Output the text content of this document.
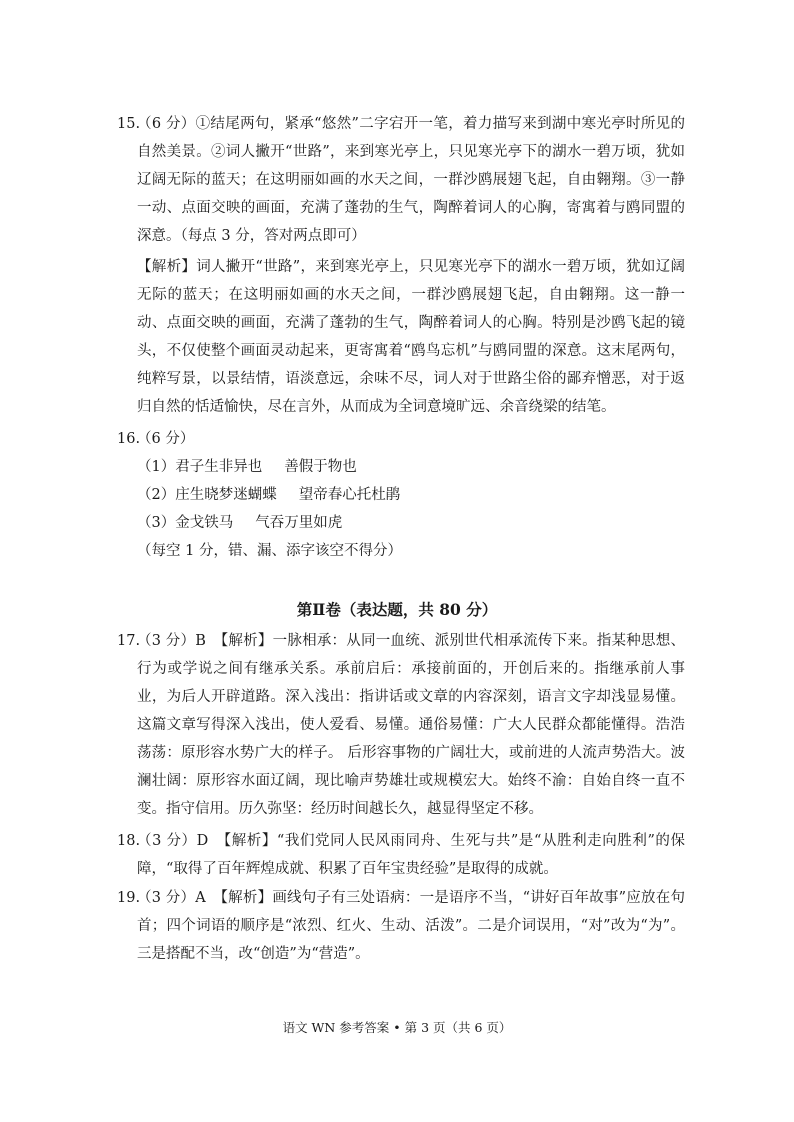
15.
（6 分）①结尾两句，紧承“悠然”二字宕开一笔，着力描写来到湖中寒光亭时所见的自然美景。②词人撇开“世路”，来到寒光亭上，只见寒光亭下的湖水一碧万顷，犹如辽阔无际的蓝天；在这明丽如画的水天之间，一群沙鸥展翅飞起，自由翱翔。③一静一动、点面交映的画面，充满了蓬勃的生气，陶醉着词人的心胸，寄寓着与鸥同盟的深意。（每点 3 分，答对两点即可）
【解析】词人撇开“世路”，来到寒光亭上，只见寒光亭下的湖水一碧万顷，犹如辽阔无际的蓝天；在这明丽如画的水天之间，一群沙鸥展翅飞起，自由翱翔。这一静一动、点面交映的画面，充满了蓬勃的生气，陶醉着词人的心胸。特别是沙鸥飞起的镜头，不仅使整个画面灵动起来，更寄寓着“鸥鸟忘机”与鸥同盟的深意。这末尾两句，纯粹写景，以景结情，语淡意远，余味不尽，词人对于世路尘俗的鄙弃憎恶，对于返归自然的恬适愉快，尽在言外，从而成为全词意境旷远、余音绕梁的结笔。
16.
（6 分）
（1）君子生非异也 善假于物也
（2）庄生晓梦迷蝴蝶 望帝春心托杜鹃
（3）金戈铁马 气吞万里如虎
（每空 1 分，错、漏、添字该空不得分）
第Ⅱ卷（表达题，共 80 分）
17.
（3 分）B　【解析】一脉相承：从同一血统、派别世代相承流传下来。指某种思想、行为或学说之间有继承关系。承前启后：承接前面的，开创后来的。指继承前人事业，为后人开辟道路。深入浅出：指讲话或文章的内容深刻，语言文字却浅显易懂。这篇文章写得深入浅出，使人爱看、易懂。通俗易懂：广大人民群众都能懂得。浩浩荡荡：原形容水势广大的样子。 后形容事物的广阔壮大，或前进的人流声势浩大。波澜壮阔：原形容水面辽阔，现比喻声势雄壮或规模宏大。始终不渝：自始自终一直不变。指守信用。历久弥坚：经历时间越长久，越显得坚定不移。
18.
（3 分）D　【解析】“我们党同人民风雨同舟、生死与共”是“从胜利走向胜利”的保障，“取得了百年辉煌成就、积累了百年宝贵经验”是取得的成就。
19.
（3 分）A　【解析】画线句子有三处语病：一是语序不当，“讲好百年故事”应放在句首；四个词语的顺序是“浓烈、红火、生动、活泼”。二是介词误用，“对”改为“为”。三是搭配不当，改“创造”为“营造”。
语文 WN 参考答案 • 第 3 页（共 6 页）
